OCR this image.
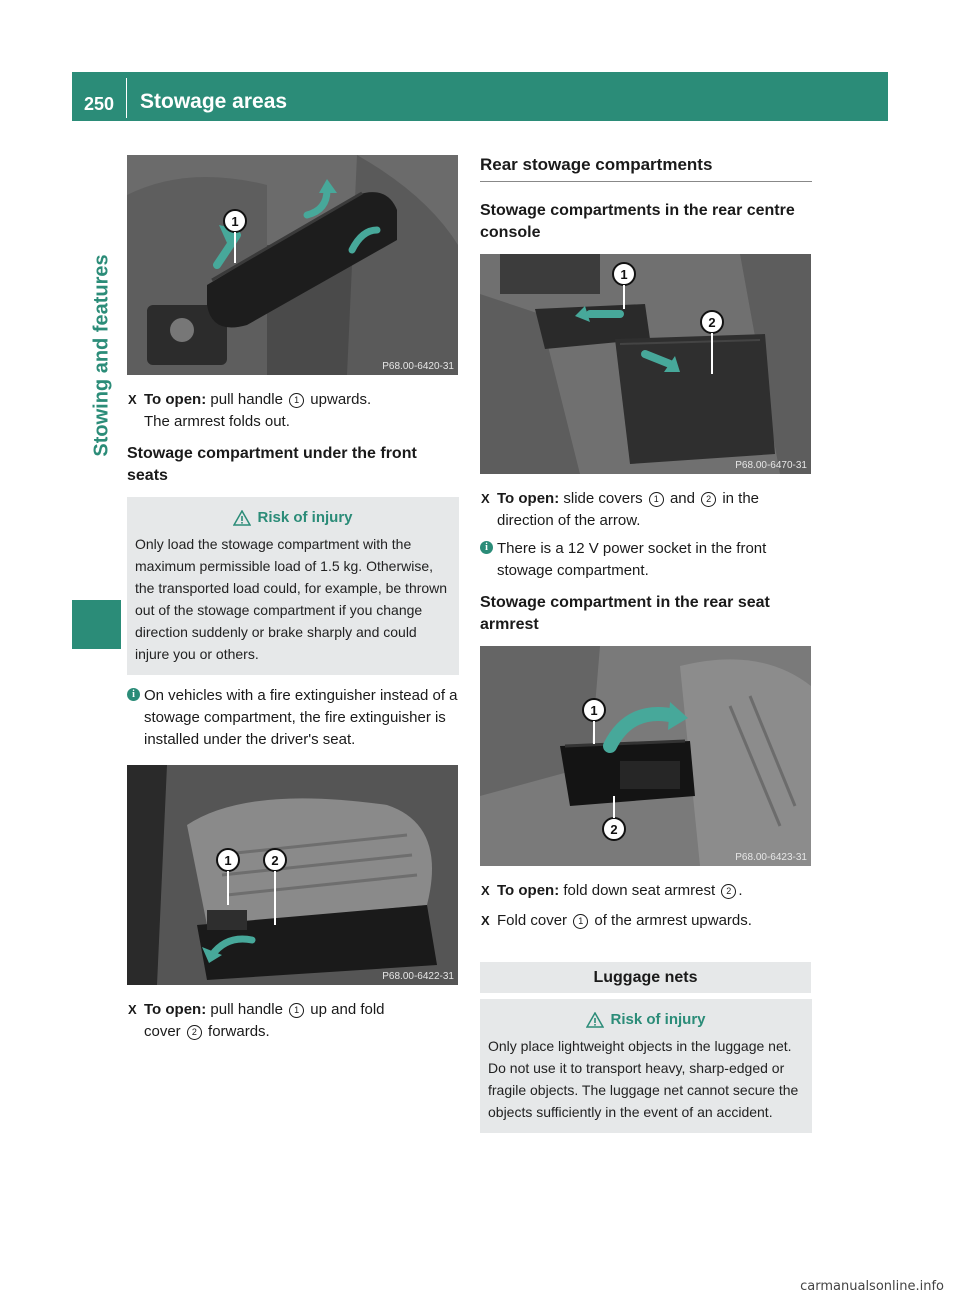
250 Stowage areas
Stowing and features
1
P68.00-6420-31

X To open: pull handle 1 upwards.

The armrest folds out.

Stowage compartment under the front seats

Risk of injury
Only load the stowage compartment with the maximum permissible load of 1.5 kg. Otherwise, the transported load could, for example, be thrown out of the stowage compartment if you change direction suddenly or brake sharply and could injure you or others.

i On vehicles with a fire extinguisher instead of a stowage compartment, the fire extinguisher is installed under the driver's seat.

1	2
P68.00-6422-31

X To open: pull handle 1 up and fold
cover 2 forwards.

Rear stowage compartments

Stowage compartments in the rear centre console

1
2
P68.00-6470-31

X To open: slide covers 1 and 2 in the direction of the arrow.

i There is a 12 V power socket in the front stowage compartment.

Stowage compartment in the rear seat armrest

1
2
P68.00-6423-31

X To open: fold down seat armrest 2 .

X Fold cover 1 of the armrest upwards.

Luggage nets
Risk of injury
Only place lightweight objects in the luggage net. Do not use it to transport heavy, sharp-edged or fragile objects. The luggage net cannot secure the objects sufficiently in the event of an accident.
carmanualsonline.info
